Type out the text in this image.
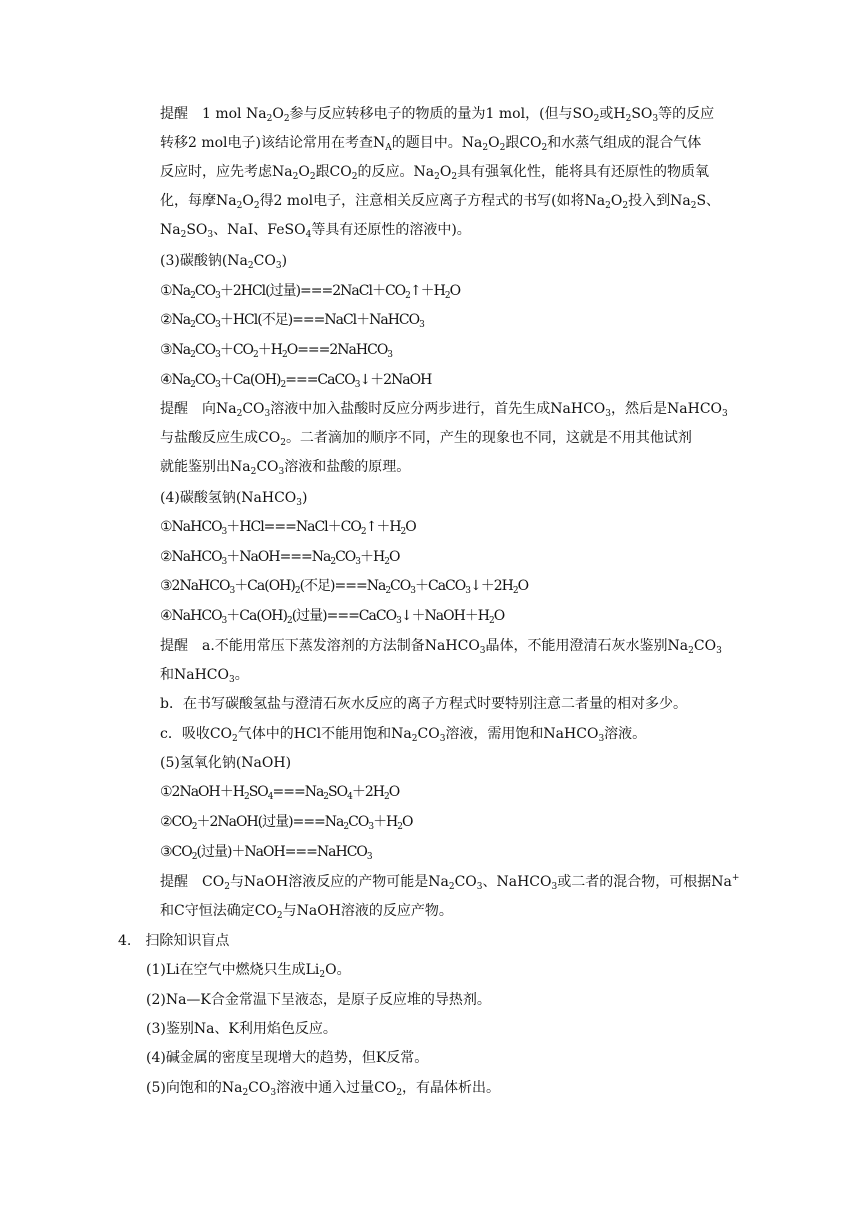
提醒　1 mol $Na_2O_2$参与反应转移电子的物质的量为1 mol，(但与$SO_2$或$H_2SO_3$等的反应
转移2 mol电子)该结论常用在考查$N_A$的题目中。$Na_2O_2$跟$CO_2$和水蒸气组成的混合气体
反应时，应先考虑$Na_2O_2$跟$CO_2$的反应。$Na_2O_2$具有强氧化性，能将具有还原性的物质氧
化，每摩$Na_2O_2$得2 mol电子，注意相关反应离子方程式的书写(如将$Na_2O_2$投入到$Na_2S$、
$Na_2SO_3$、NaI、FeSO$_4$等具有还原性的溶液中)。
(3)碳酸钠$(Na_2CO_3)$
$①Na_2CO_3+2HCl$(过量)$===2NaCl+CO_2↑+H_2O$
$②Na_2CO_3+HCl$(不足)===NaCl＋NaHCO$_3$
$③Na_2CO_3+CO_2+H_2O===2NaHCO_3$
$④Na_2CO_3+Ca(OH)_2===CaCO_3↓+2NaOH$
提醒　向$Na_2CO_3$溶液中加入盐酸时反应分两步进行，首先生成NaHCO$_3$，然后是NaHCO$_3$
与盐酸反应生成$CO_2$。二者滴加的顺序不同，产生的现象也不同，这就是不用其他试剂
就能鉴别出$Na_2CO_3$溶液和盐酸的原理。
(4)碳酸氢钠(NaHCO$_3$)
$①NaHCO_3+HCl===NaCl+CO_2↑+H_2O$
$②NaHCO_3+NaOH===Na_2CO_3+H_2O$
$③2NaHCO_3+Ca(OH)_2$(不足)$===Na_2CO_3+CaCO_3↓+2H_2O$
$④NaHCO_3+Ca(OH)_2$(过量)$===CaCO_3↓+NaOH+H_2O$
提醒　a.不能用常压下蒸发溶剂的方法制备NaHCO$_3$晶体，不能用澄清石灰水鉴别$Na_2CO_3$
和NaHCO$_3$。
b．在书写碳酸氢盐与澄清石灰水反应的离子方程式时要特别注意二者量的相对多少。
c．吸收$CO_2$气体中的HCl不能用饱和$Na_2CO_3$溶液，需用饱和NaHCO$_3$溶液。
(5)氢氧化钠(NaOH)
$①2NaOH+H_2SO_4===Na_2SO_4+2H_2O$
$②CO_2+2NaOH$(过量)$===Na_2CO_3+H_2O$
$③CO_2$(过量)＋NaOH===NaHCO$_3$
提醒　$CO_2$与NaOH溶液反应的产物可能是$Na_2CO_3$、NaHCO$_3$或二者的混合物，可根据Na+
和C守恒法确定$CO_2$与NaOH溶液的反应产物。
4.　扫除知识盲点
(1)Li在空气中燃烧只生成$Li_2O$。
(2)Na—K合金常温下呈液态，是原子反应堆的导热剂。
(3)鉴别Na、K利用焰色反应。
(4)碱金属的密度呈现增大的趋势，但K反常。
(5)向饱和的$Na_2CO_3$溶液中通入过量$CO_2$，有晶体析出。
